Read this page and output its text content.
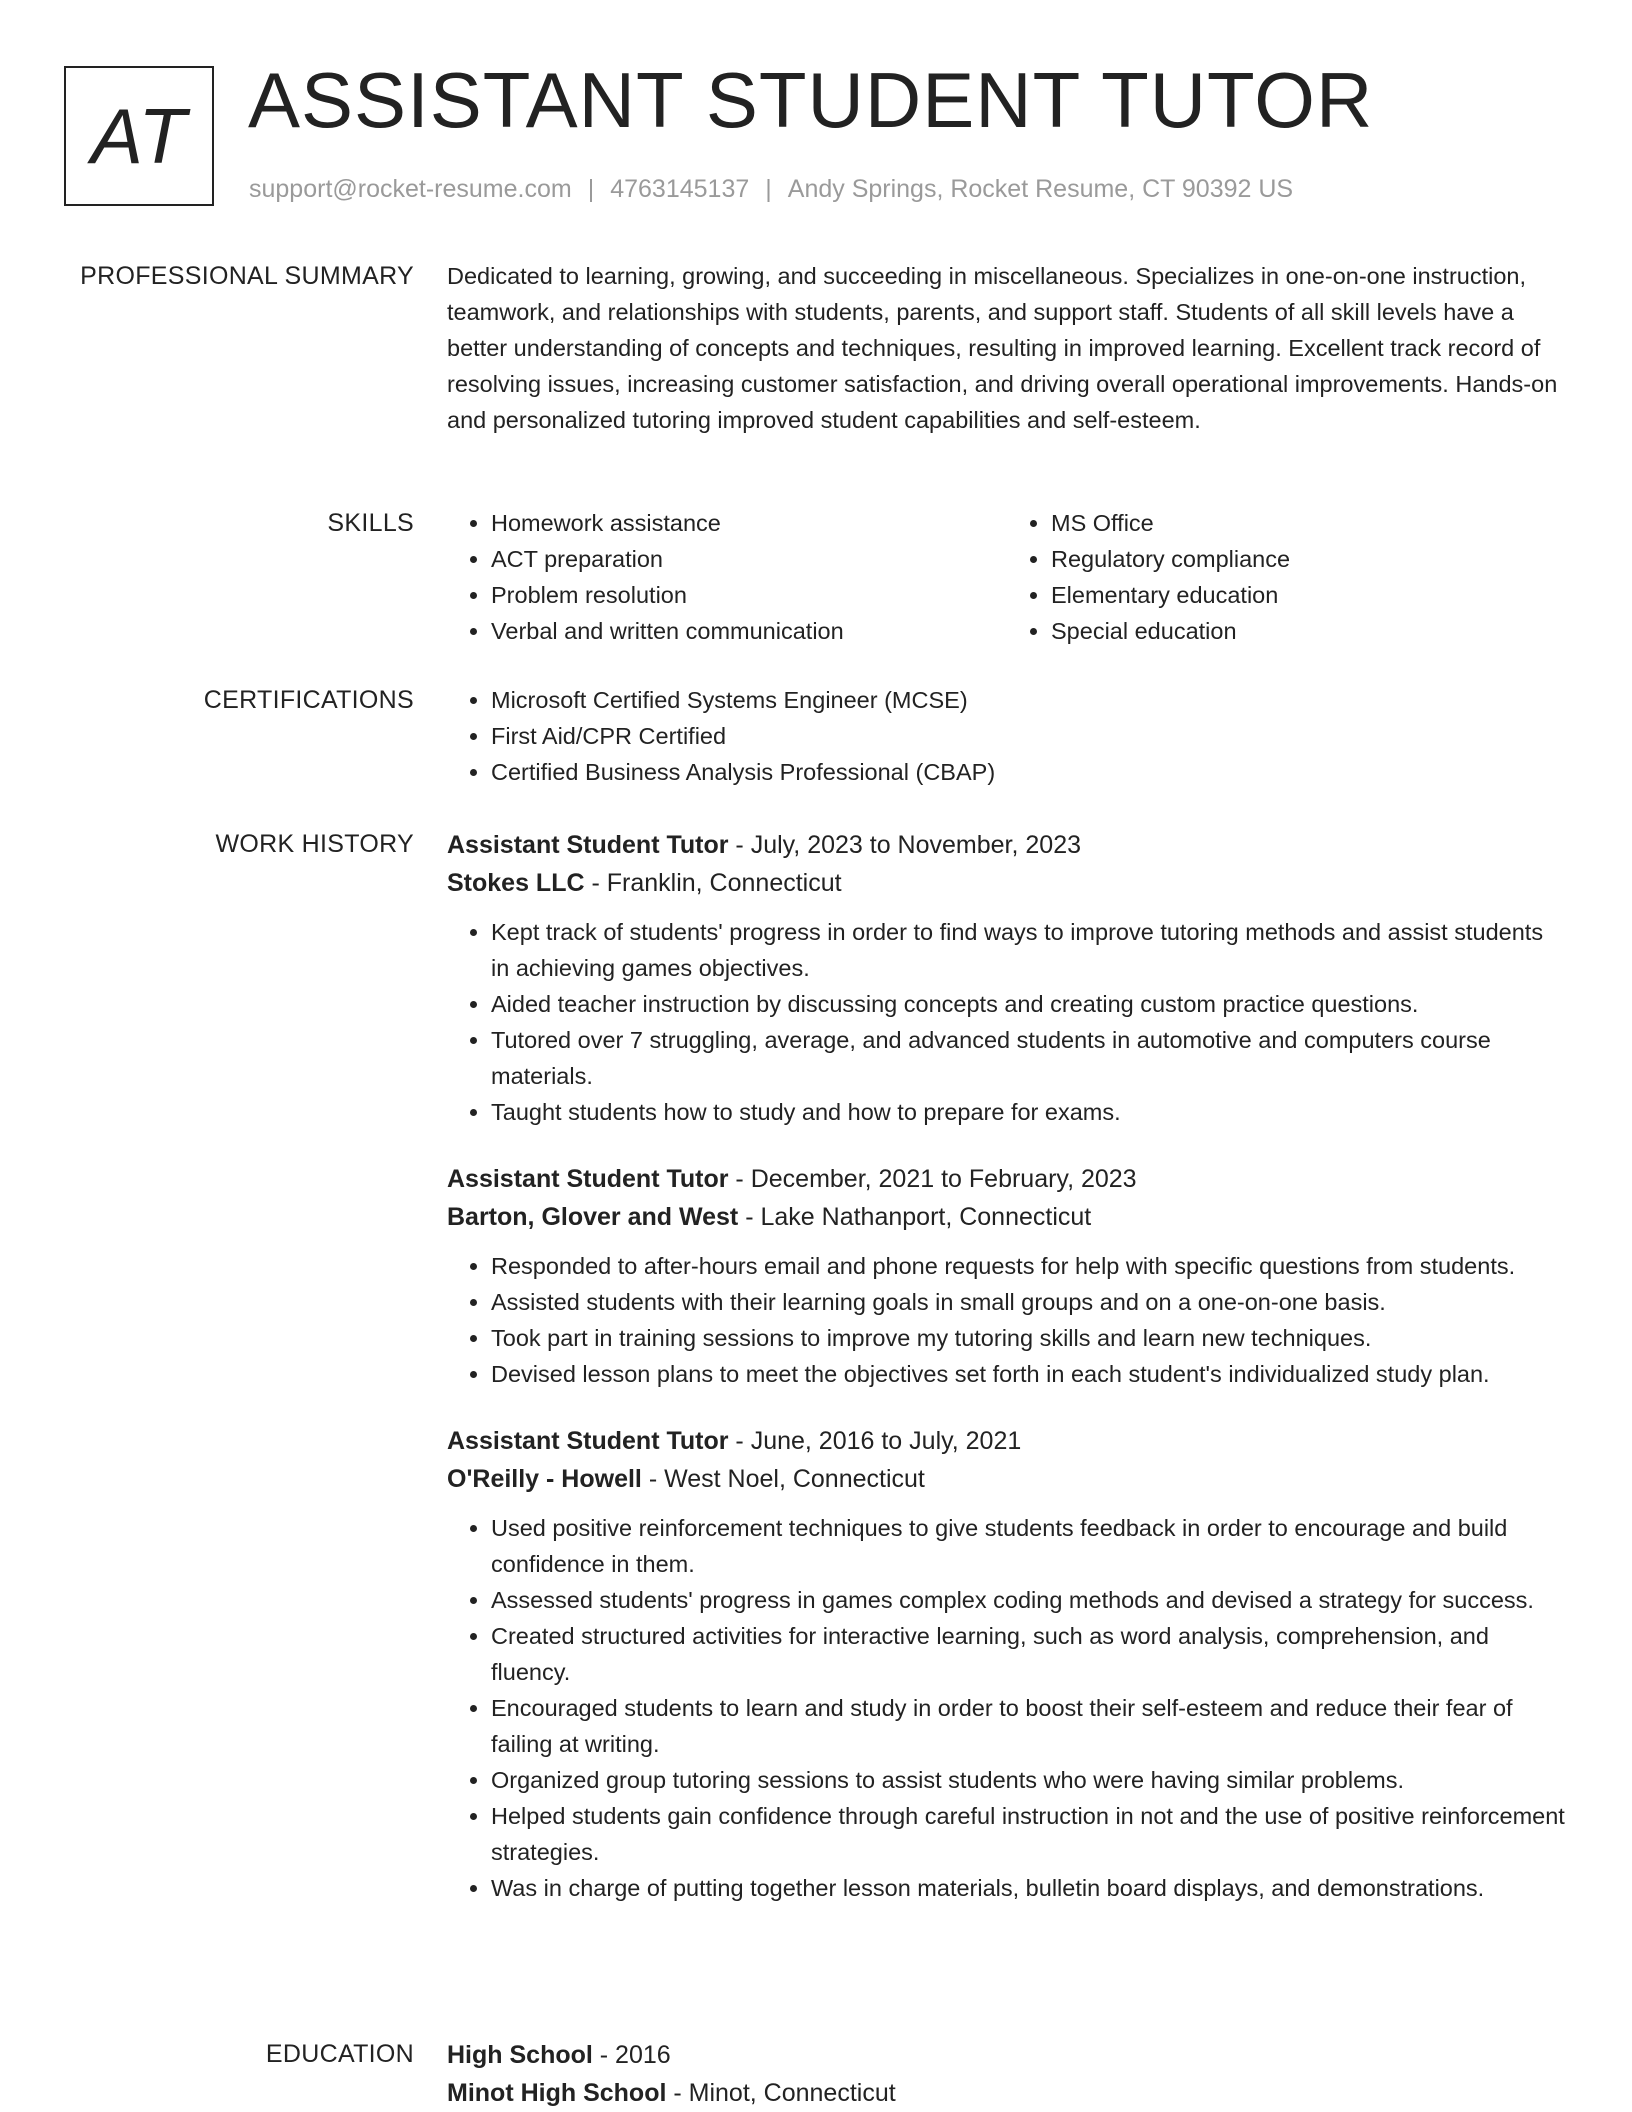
AT ASSISTANT STUDENT TUTOR
support@rocket-resume.com | 4763145137 | Andy Springs, Rocket Resume, CT 90392 US
PROFESSIONAL SUMMARY Dedicated to learning, growing, and succeeding in miscellaneous. Specializes in one-on-one instruction, teamwork, and relationships with students, parents, and support staff. Students of all skill levels have a better understanding of concepts and techniques, resulting in improved learning. Excellent track record of resolving issues, increasing customer satisfaction, and driving overall operational improvements. Hands-on and personalized tutoring improved student capabilities and self-esteem.
SKILLS	• Homework assistance
• ACT preparation
• Problem resolution
• Verbal and written communication
• MS Office
• Regulatory compliance
• Elementary education
• Special education
CERTIFICATIONS	• Microsoft Certified Systems Engineer (MCSE)
• First Aid/CPR Certified
• Certified Business Analysis Professional (CBAP)
WORK HISTORY Assistant Student Tutor - July, 2023 to November, 2023
Stokes LLC - Franklin, Connecticut
• Kept track of students' progress in order to find ways to improve tutoring methods and assist students in achieving games objectives.
• Aided teacher instruction by discussing concepts and creating custom practice questions.
• Tutored over 7 struggling, average, and advanced students in automotive and computers course materials.
• Taught students how to study and how to prepare for exams.
Assistant Student Tutor - December, 2021 to February, 2023
Barton, Glover and West - Lake Nathanport, Connecticut
• Responded to after-hours email and phone requests for help with specific questions from students.
• Assisted students with their learning goals in small groups and on a one-on-one basis.
• Took part in training sessions to improve my tutoring skills and learn new techniques.
• Devised lesson plans to meet the objectives set forth in each student's individualized study plan.
Assistant Student Tutor - June, 2016 to July, 2021
O'Reilly - Howell - West Noel, Connecticut
• Used positive reinforcement techniques to give students feedback in order to encourage and build confidence in them.
• Assessed students' progress in games complex coding methods and devised a strategy for success.
• Created structured activities for interactive learning, such as word analysis, comprehension, and fluency.
• Encouraged students to learn and study in order to boost their self-esteem and reduce their fear of failing at writing.
• Organized group tutoring sessions to assist students who were having similar problems.
• Helped students gain confidence through careful instruction in not and the use of positive reinforcement strategies.
• Was in charge of putting together lesson materials, bulletin board displays, and demonstrations.
EDUCATION High School - 2016
Minot High School - Minot, Connecticut
